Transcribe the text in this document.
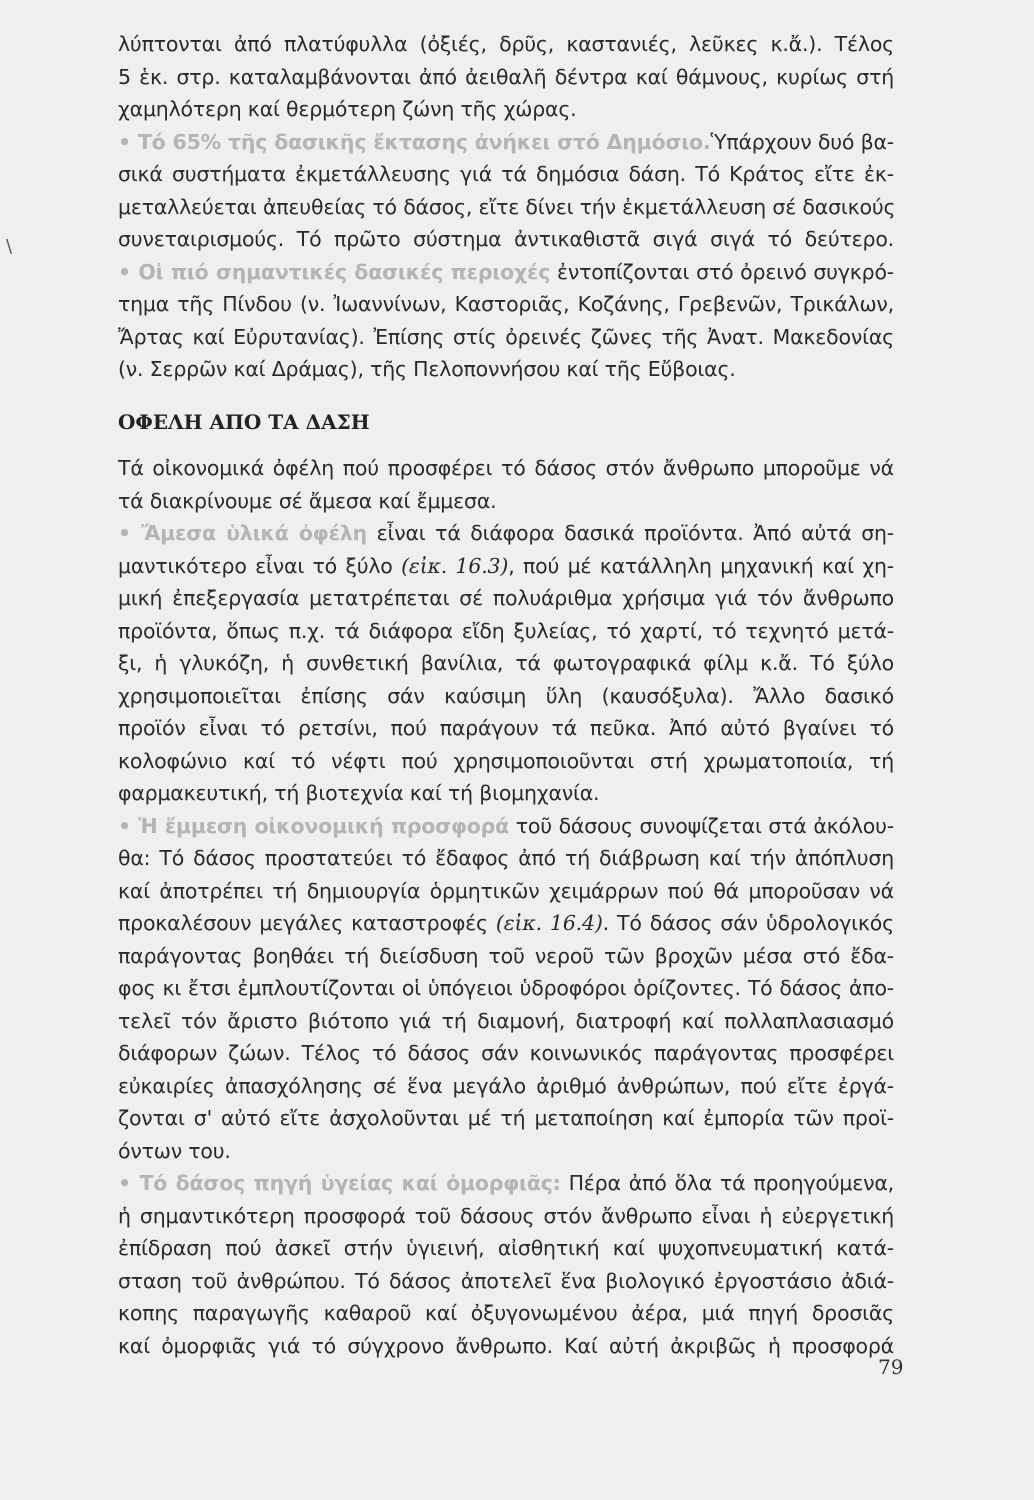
\
λύπτονται ἀπό πλατύφυλλα (ὀξιές, δρῦς, καστανιές, λεῦκες κ.ἄ.). Τέλος
5 ἑκ. στρ. καταλαμβάνονται ἀπό ἀειθαλῆ δέντρα καί θάμνους, κυρίως στή
χαμηλότερη καί θερμότερη ζώνη τῆς χώρας.
• Τό 65% τῆς δασικῆς ἔκτασης ἀνήκει στό Δημόσιο.Ὑπάρχουν δυό βα-
σικά συστήματα ἐκμετάλλευσης γιά τά δημόσια δάση. Τό Κράτος εἴτε ἐκ-
μεταλλεύεται ἀπευθείας τό δάσος, εἴτε δίνει τήν ἐκμετάλλευση σέ δασικούς
συνεταιρισμούς. Τό πρῶτο σύστημα ἀντικαθιστᾶ σιγά σιγά τό δεύτερο.
• Οἱ πιό σημαντικές δασικές περιοχές ἐντοπίζονται στό ὀρεινό συγκρό-
τημα τῆς Πίνδου (ν. Ἰωαννίνων, Καστοριᾶς, Κοζάνης, Γρεβενῶν, Τρικάλων,
Ἄρτας καί Εὐρυτανίας). Ἐπίσης στίς ὀρεινές ζῶνες τῆς Ἀνατ. Μακεδονίας
(ν. Σερρῶν καί Δράμας), τῆς Πελοποννήσου καί τῆς Εὔβοιας.
ΟΦΕΛΗ ΑΠΟ ΤΑ ΔΑΣΗ
Τά οἰκονομικά ὀφέλη πού προσφέρει τό δάσος στόν ἄνθρωπο μποροῦμε νά
τά διακρίνουμε σέ ἄμεσα καί ἔμμεσα.
• Ἄμεσα ὑλικά ὀφέλη εἶναι τά διάφορα δασικά προϊόντα. Ἀπό αὐτά ση-
μαντικότερο εἶναι τό ξύλο (εἰκ. 16.3), πού μέ κατάλληλη μηχανική καί χη-
μική ἐπεξεργασία μετατρέπεται σέ πολυάριθμα χρήσιμα γιά τόν ἄνθρωπο
προϊόντα, ὅπως π.χ. τά διάφορα εἴδη ξυλείας, τό χαρτί, τό τεχνητό μετά-
ξι, ἡ γλυκόζη, ἡ συνθετική βανίλια, τά φωτογραφικά φίλμ κ.ἄ. Τό ξύλο
χρησιμοποιεῖται ἐπίσης σάν καύσιμη ὕλη (καυσόξυλα). Ἄλλο δασικό
προϊόν εἶναι τό ρετσίνι, πού παράγουν τά πεῦκα. Ἀπό αὐτό βγαίνει τό
κολοφώνιο καί τό νέφτι πού χρησιμοποιοῦνται στή χρωματοποιία, τή
φαρμακευτική, τή βιοτεχνία καί τή βιομηχανία.
• Ἡ ἔμμεση οἰκονομική προσφορά τοῦ δάσους συνοψίζεται στά ἀκόλου-
θα: Τό δάσος προστατεύει τό ἔδαφος ἀπό τή διάβρωση καί τήν ἀπόπλυση
καί ἀποτρέπει τή δημιουργία ὁρμητικῶν χειμάρρων πού θά μποροῦσαν νά
προκαλέσουν μεγάλες καταστροφές (εἰκ. 16.4). Τό δάσος σάν ὑδρολογικός
παράγοντας βοηθάει τή διείσδυση τοῦ νεροῦ τῶν βροχῶν μέσα στό ἔδα-
φος κι ἔτσι ἐμπλουτίζονται οἱ ὑπόγειοι ὑδροφόροι ὁρίζοντες. Τό δάσος ἀπο-
τελεῖ τόν ἄριστο βιότοπο γιά τή διαμονή, διατροφή καί πολλαπλασιασμό
διάφορων ζώων. Τέλος τό δάσος σάν κοινωνικός παράγοντας προσφέρει
εὐκαιρίες ἀπασχόλησης σέ ἕνα μεγάλο ἀριθμό ἀνθρώπων, πού εἴτε ἐργά-
ζονται σ' αὐτό εἴτε ἀσχολοῦνται μέ τή μεταποίηση καί ἐμπορία τῶν προϊ-
όντων του.
• Τό δάσος πηγή ὑγείας καί ὀμορφιᾶς: Πέρα ἀπό ὅλα τά προηγούμενα,
ἡ σημαντικότερη προσφορά τοῦ δάσους στόν ἄνθρωπο εἶναι ἡ εὐεργετική
ἐπίδραση πού ἀσκεῖ στήν ὑγιεινή, αἰσθητική καί ψυχοπνευματική κατά-
σταση τοῦ ἀνθρώπου. Τό δάσος ἀποτελεῖ ἕνα βιολογικό ἐργοστάσιο ἀδιά-
κοπης παραγωγῆς καθαροῦ καί ὀξυγονωμένου ἀέρα, μιά πηγή δροσιᾶς
καί ὀμορφιᾶς γιά τό σύγχρονο ἄνθρωπο. Καί αὐτή ἀκριβῶς ἡ προσφορά
79
